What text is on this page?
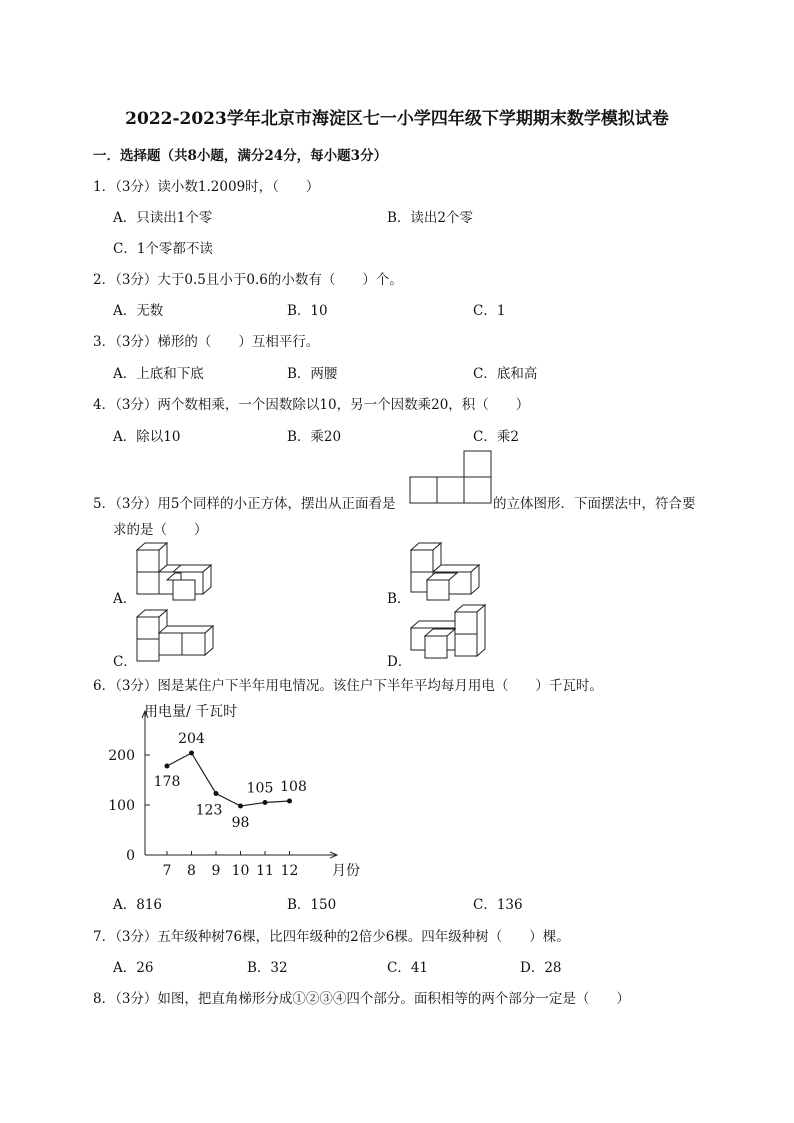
2022-2023学年北京市海淀区七一小学四年级下学期期末数学模拟试卷
一．选择题（共8小题，满分24分，每小题3分）
1．（3分）读小数1.2009时，（　　）
A．只读出1个零	B．读出2个零
C．1个零都不读
2．（3分）大于0.5且小于0.6的小数有（　　）个。
A．无数	B．10	C．1
3．（3分）梯形的（　　）互相平行。
A．上底和下底	B．两腰	C．底和高
4．（3分）两个数相乘，一个因数除以10，另一个因数乘20，积（　　）
A．除以10	B．乘20	C．乘2
5．（3分）用5个同样的小正方体，摆出从正面看是	的立体图形．下面摆法中，符合要
求的是（　　）
A．	B．
C．	D．
6．（3分）图是某住户下半年用电情况。该住户下半年平均每月用电（　　）千瓦时。
用电量/ 千瓦时
月份
0
100
200
7 8 9 10 11 12
178
204
123
98
105 108
A．816	B．150	C．136
7．（3分）五年级种树76棵，比四年级种的2倍少6棵。四年级种树（　　）棵。
A．26	B．32	C．41	D．28
8．（3分）如图，把直角梯形分成①②③④四个部分。面积相等的两个部分一定是（　　）
